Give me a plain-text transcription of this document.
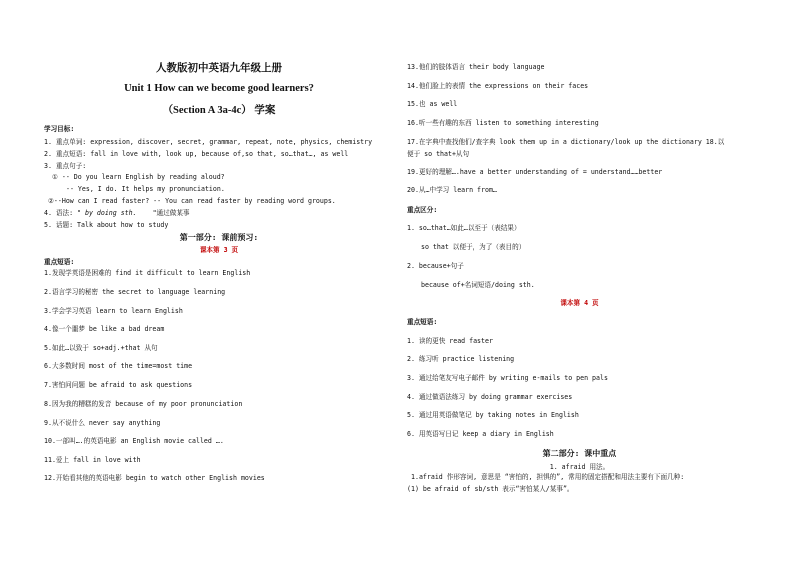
人教版初中英语九年级上册
Unit 1 How can we become good learners?
（Section A 3a-4c） 学案
学习目标:
1. 重点单词: expression, discover, secret, grammar, repeat, note, physics, chemistry
2. 重点短语: fall in love with, look up, because of,so that, so…that…, as well
3. 重点句子:
① -- Do you learn English by reading aloud?
-- Yes, I do. It helps my pronunciation.
②--How can I read faster? -- You can read faster by reading word groups.
4. 语法: " by doing sth. "通过做某事
5. 话题: Talk about how to study
第一部分: 课前预习:
课本第 3 页
重点短语:
1.发现学英语是困难的 find it difficult to learn English
2.语言学习的秘密 the secret to language learning
3.学会学习英语 learn to learn English
4.像一个噩梦 be like a bad dream
5.如此…以致于 so+adj.+that 从句
6.大多数时间 most of the time=most time
7.害怕问问题 be afraid to ask questions
8.因为我的糟糕的发音 because of my poor pronunciation
9.从不说什么 never say anything
10.一部叫….的英语电影 an English movie called ….
11.爱上 fall in love with
12.开始看其他的英语电影 begin to watch other English movies
13.他们的肢体语言 their body language
14.他们脸上的表情 the expressions on their faces
15.也 as well
16.听一些有趣的东西 listen to something interesting
17.在字典中查找他们/查字典 look them up in a dictionary/look up the dictionary 18.以
便于 so that+从句
19.更好的理解….have a better understanding of = understand……better
20.从…中学习 learn from…
重点区分:
1. so…that…如此…以至于（表结果）
so that 以便于，为了（表目的）
2. because+句子
because of+名词短语/doing sth.
课本第 4 页
重点短语:
1. 读的更快 read faster
2. 练习听 practice listening
3. 通过给笔友写电子邮件 by writing e-mails to pen pals
4. 通过做语法练习 by doing grammar exercises
5. 通过用英语做笔记 by taking notes in English
6. 用英语写日记 keep a diary in English
第二部分: 课中重点
1. afraid 用法。
1.afraid 作形容词, 意思是 “害怕的, 担惧的”, 常用的固定搭配和用法主要有下面几种:
(1) be afraid of sb/sth 表示“害怕某人/某事”。
